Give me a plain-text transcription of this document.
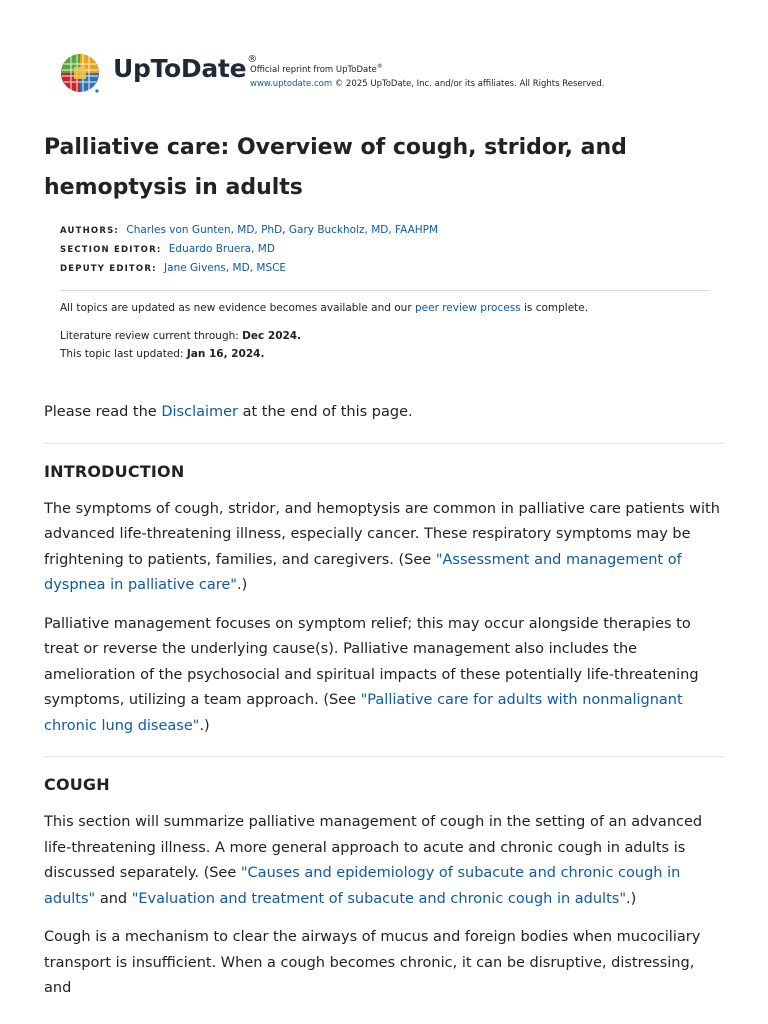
UpToDate®
Official reprint from UpToDate®
www.uptodate.com © 2025 UpToDate, Inc. and/or its affiliates. All Rights Reserved.
Palliative care: Overview of cough, stridor, and hemoptysis in adults
AUTHORS: Charles von Gunten, MD, PhD, Gary Buckholz, MD, FAAHPM
SECTION EDITOR: Eduardo Bruera, MD
DEPUTY EDITOR: Jane Givens, MD, MSCE
All topics are updated as new evidence becomes available and our peer review process is complete.
Literature review current through: Dec 2024.
This topic last updated: Jan 16, 2024.

Please read the Disclaimer at the end of this page.

INTRODUCTION

The symptoms of cough, stridor, and hemoptysis are common in palliative care patients with advanced life-threatening illness, especially cancer. These respiratory symptoms may be frightening to patients, families, and caregivers. (See "Assessment and management of dyspnea in palliative care".)

Palliative management focuses on symptom relief; this may occur alongside therapies to treat or reverse the underlying cause(s). Palliative management also includes the amelioration of the psychosocial and spiritual impacts of these potentially life-threatening symptoms, utilizing a team approach. (See "Palliative care for adults with nonmalignant chronic lung disease".)

COUGH

This section will summarize palliative management of cough in the setting of an advanced life-threatening illness. A more general approach to acute and chronic cough in adults is discussed separately. (See "Causes and epidemiology of subacute and chronic cough in adults" and "Evaluation and treatment of subacute and chronic cough in adults".)

Cough is a mechanism to clear the airways of mucus and foreign bodies when mucociliary transport is insufficient. When a cough becomes chronic, it can be disruptive, distressing, and
